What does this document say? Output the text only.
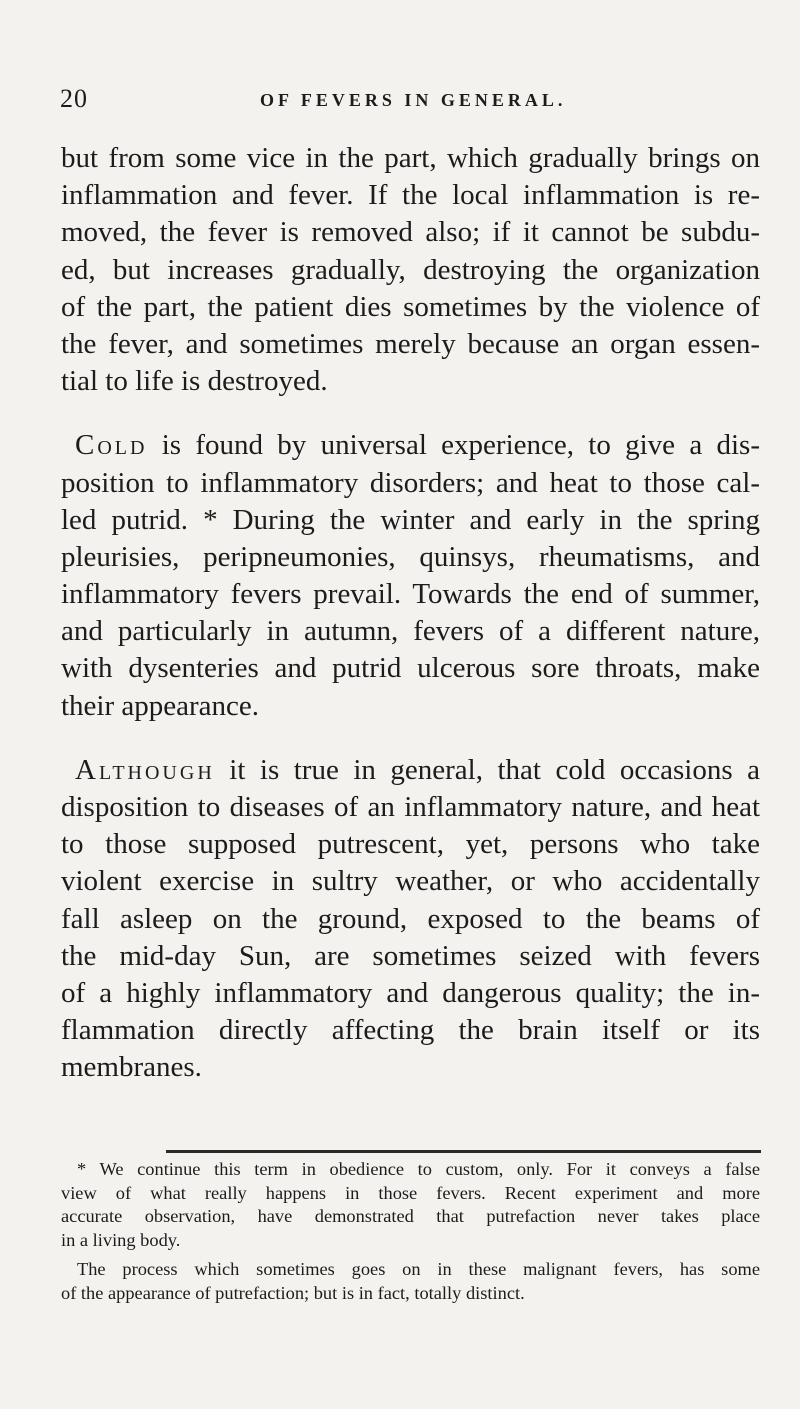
20	OF FEVERS IN GENERAL.
but from some vice in the part, which gradually brings on
inflammation and fever. If the local inflammation is re-
moved, the fever is removed also; if it cannot be subdu-
ed, but increases gradually, destroying the organization
of the part, the patient dies sometimes by the violence of
the fever, and sometimes merely because an organ essen-
tial to life is destroyed.
Cold is found by universal experience, to give a dis-
position to inflammatory disorders; and heat to those cal-
led putrid. * During the winter and early in the spring
pleurisies, peripneumonies, quinsys, rheumatisms, and
inflammatory fevers prevail. Towards the end of summer,
and particularly in autumn, fevers of a different nature,
with dysenteries and putrid ulcerous sore throats, make
their appearance.
Although it is true in general, that cold occasions a
disposition to diseases of an inflammatory nature, and heat
to those supposed putrescent, yet, persons who take
violent exercise in sultry weather, or who accidentally
fall asleep on the ground, exposed to the beams of
the mid-day Sun, are sometimes seized with fevers
of a highly inflammatory and dangerous quality; the in-
flammation directly affecting the brain itself or its
membranes.
* We continue this term in obedience to custom, only. For it conveys a false
view of what really happens in those fevers. Recent experiment and more
accurate observation, have demonstrated that putrefaction never takes place
in a living body.
The process which sometimes goes on in these malignant fevers, has some
of the appearance of putrefaction; but is in fact, totally distinct.
